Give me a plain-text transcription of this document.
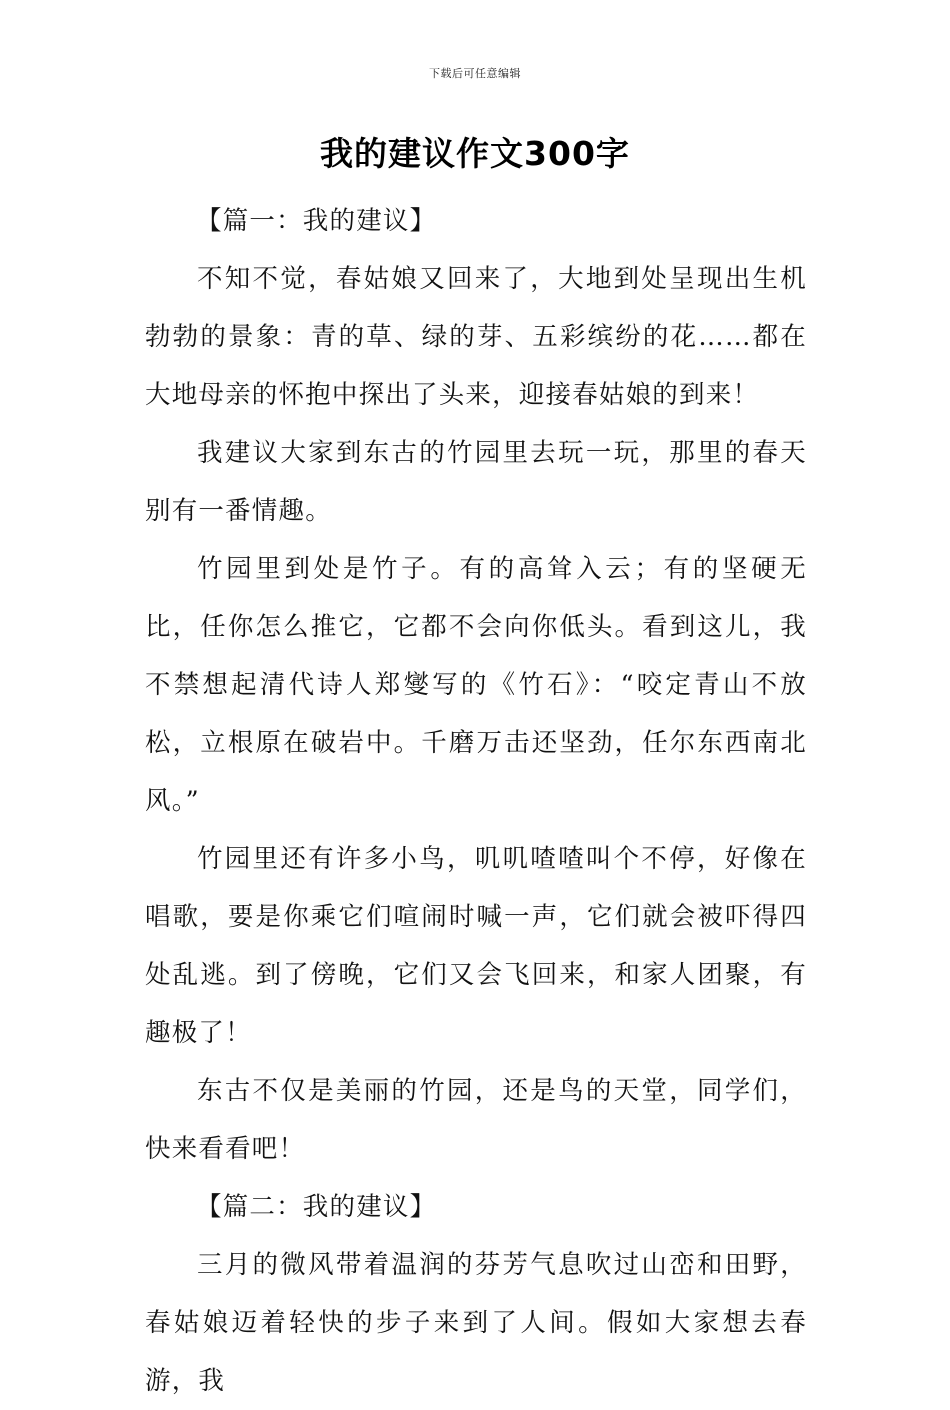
下载后可任意编辑
我的建议作文300字

【篇一：我的建议】

不知不觉，春姑娘又回来了，大地到处呈现出生机勃勃的景象：青的草、绿的芽、五彩缤纷的花……都在大地母亲的怀抱中探出了头来，迎接春姑娘的到来！

我建议大家到东古的竹园里去玩一玩，那里的春天别有一番情趣。

竹园里到处是竹子。有的高耸入云；有的坚硬无比，任你怎么推它，它都不会向你低头。看到这儿，我不禁想起清代诗人郑燮写的《竹石》：“咬定青山不放松，立根原在破岩中。千磨万击还坚劲，任尔东西南北风。”

竹园里还有许多小鸟，叽叽喳喳叫个不停，好像在唱歌，要是你乘它们喧闹时喊一声，它们就会被吓得四处乱逃。到了傍晚，它们又会飞回来，和家人团聚，有趣极了！

东古不仅是美丽的竹园，还是鸟的天堂，同学们，快来看看吧！

【篇二：我的建议】

三月的微风带着温润的芬芳气息吹过山峦和田野，春姑娘迈着轻快的步子来到了人间。假如大家想去春游，我
